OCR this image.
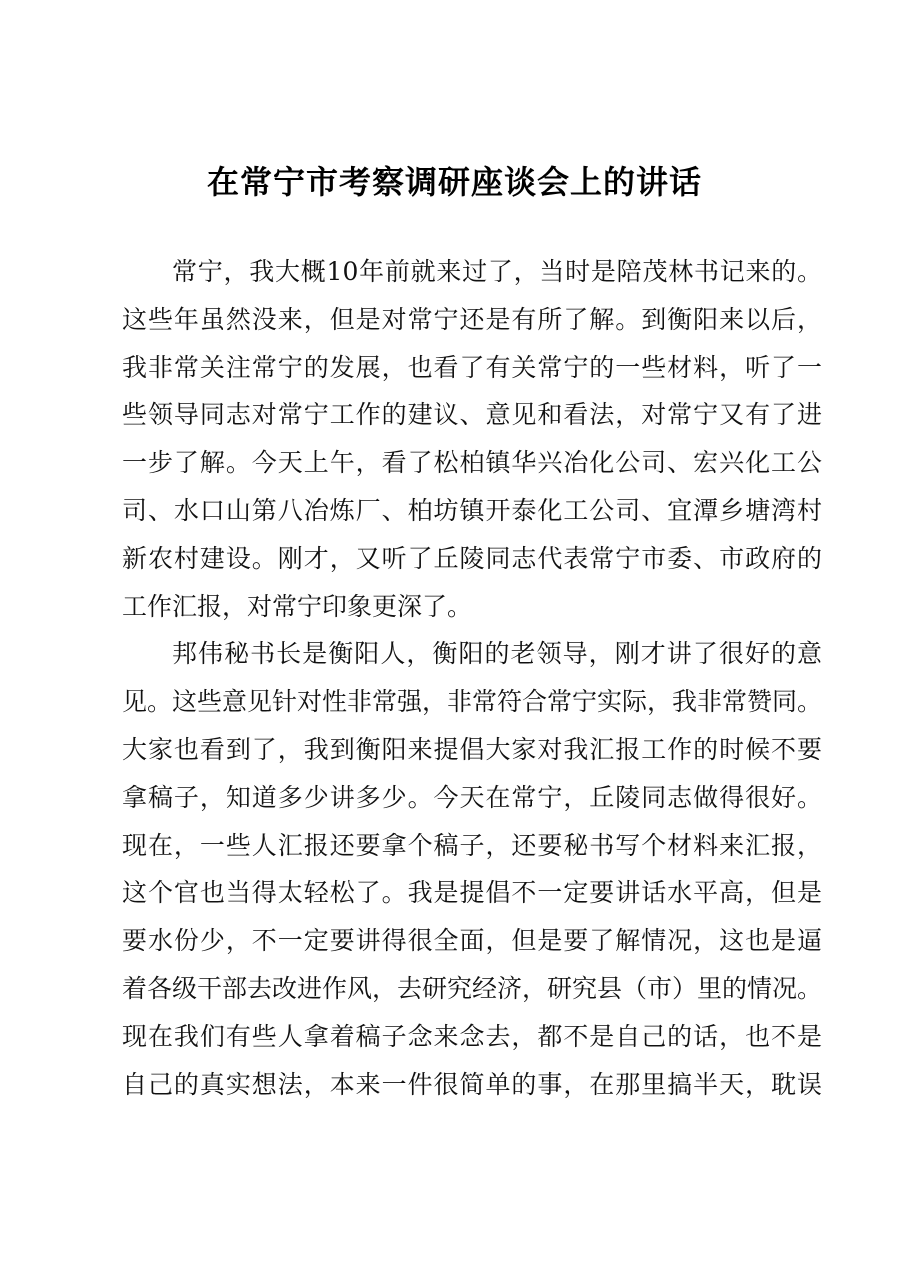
在常宁市考察调研座谈会上的讲话
常宁，我大概10年前就来过了，当时是陪茂林书记来的。
这些年虽然没来，但是对常宁还是有所了解。到衡阳来以后，
我非常关注常宁的发展，也看了有关常宁的一些材料，听了一
些领导同志对常宁工作的建议、意见和看法，对常宁又有了进
一步了解。今天上午，看了松柏镇华兴冶化公司、宏兴化工公
司、水口山第八冶炼厂、柏坊镇开泰化工公司、宜潭乡塘湾村
新农村建设。刚才，又听了丘陵同志代表常宁市委、市政府的
工作汇报，对常宁印象更深了。
邦伟秘书长是衡阳人，衡阳的老领导，刚才讲了很好的意
见。这些意见针对性非常强，非常符合常宁实际，我非常赞同。
大家也看到了，我到衡阳来提倡大家对我汇报工作的时候不要
拿稿子，知道多少讲多少。今天在常宁，丘陵同志做得很好。
现在，一些人汇报还要拿个稿子，还要秘书写个材料来汇报，
这个官也当得太轻松了。我是提倡不一定要讲话水平高，但是
要水份少，不一定要讲得很全面，但是要了解情况，这也是逼
着各级干部去改进作风，去研究经济，研究县（市）里的情况。
现在我们有些人拿着稿子念来念去，都不是自己的话，也不是
自己的真实想法，本来一件很简单的事，在那里搞半天，耽误
